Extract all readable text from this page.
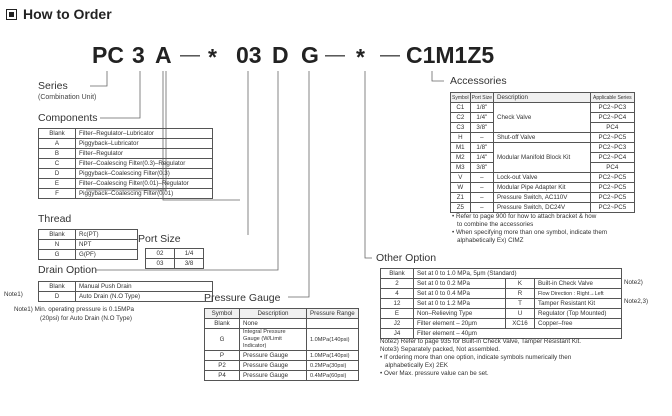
How to Order
PC 3 A — * 03 D G — * — C1M1Z5
Series
(Combination Unit)
Components
Blank	Filter–Regulator–Lubricator
A	Piggyback–Lubricator
B	Filter–Regulator
C	Filter–Coalescing Filter(0.3)–Regulator
D	Piggyback–Coalescing Filter(0.3)
E	Filter–Coalescing Filter(0.01)–Regulator
F	Piggyback–Coalescing Filter(0.01)
Thread
Blank	Rc(PT)
N	NPT
G	G(PF)
Port Size
02	1/4
03	3/8
Drain Option
Note1)
Blank	Manual Push Drain
D	Auto Drain (N.O Type)
Note1) Min. operating pressure is 0.15MPa
(20psi) for Auto Drain (N.O Type)
Pressure Gauge
Symbol	Description	Pressure Range
Blank	None	
G	Integral Pressure Gauge (W/Limit Indicator)	1.0MPa(140psi)
P	Pressure Gauge	1.0MPa(140psi)
P2	Pressure Gauge	0.2MPa(30psi)
P4	Pressure Gauge	0.4MPa(60psi)
Accessories
Symbol	Port Size	Description	Applicable Series
C1	1/8"	Check Valve	PC2~PC3
C2	1/4"		PC2~PC4
C3	3/8"		PC4
H	–	Shut-off Valve	PC2~PC5
M1	1/8"	Modular Manifold Block Kit	PC2~PC3
M2	1/4"		PC2~PC4
M3	3/8"		PC4
V	–	Lock-out Valve	PC2~PC5
W	–	Modular Pipe Adapter Kit	PC2~PC5
Z1	–	Pressure Switch, AC110V	PC2~PC5
Z5	–	Pressure Switch, DC24V	PC2~PC5
• Refer to page 900 for how to attach bracket & how
to combine the accessories
• When specifying more than one symbol, indicate them
alphabetically Ex) CIMZ
Other Option
Blank	Set at 0 to 1.0 MPa, 5μm (Standard)		
2	Set at 0 to 0.2 MPa	K	Built-in Check Valve
4	Set at 0 to 0.4 MPa	R	Flow Direction : Right→Left
12	Set at 0 to 1.2 MPa	T	Tamper Resistant Kit
E	Non–Relieving Type	U	Regulator (Top Mounted)
J2	Filter element – 20μm	XC16	Copper–free
J4	Filter element – 40μm		
Note2)
Note2,3)
Note2) Refer to page 935 for Built-in Check Valve, Tamper Resistant Kit.
Note3) Separately packed, Not assembled.
• If ordering more than one option, indicate symbols numerically then
alphabetically Ex) 2EK
• Over Max. pressure value can be set.
